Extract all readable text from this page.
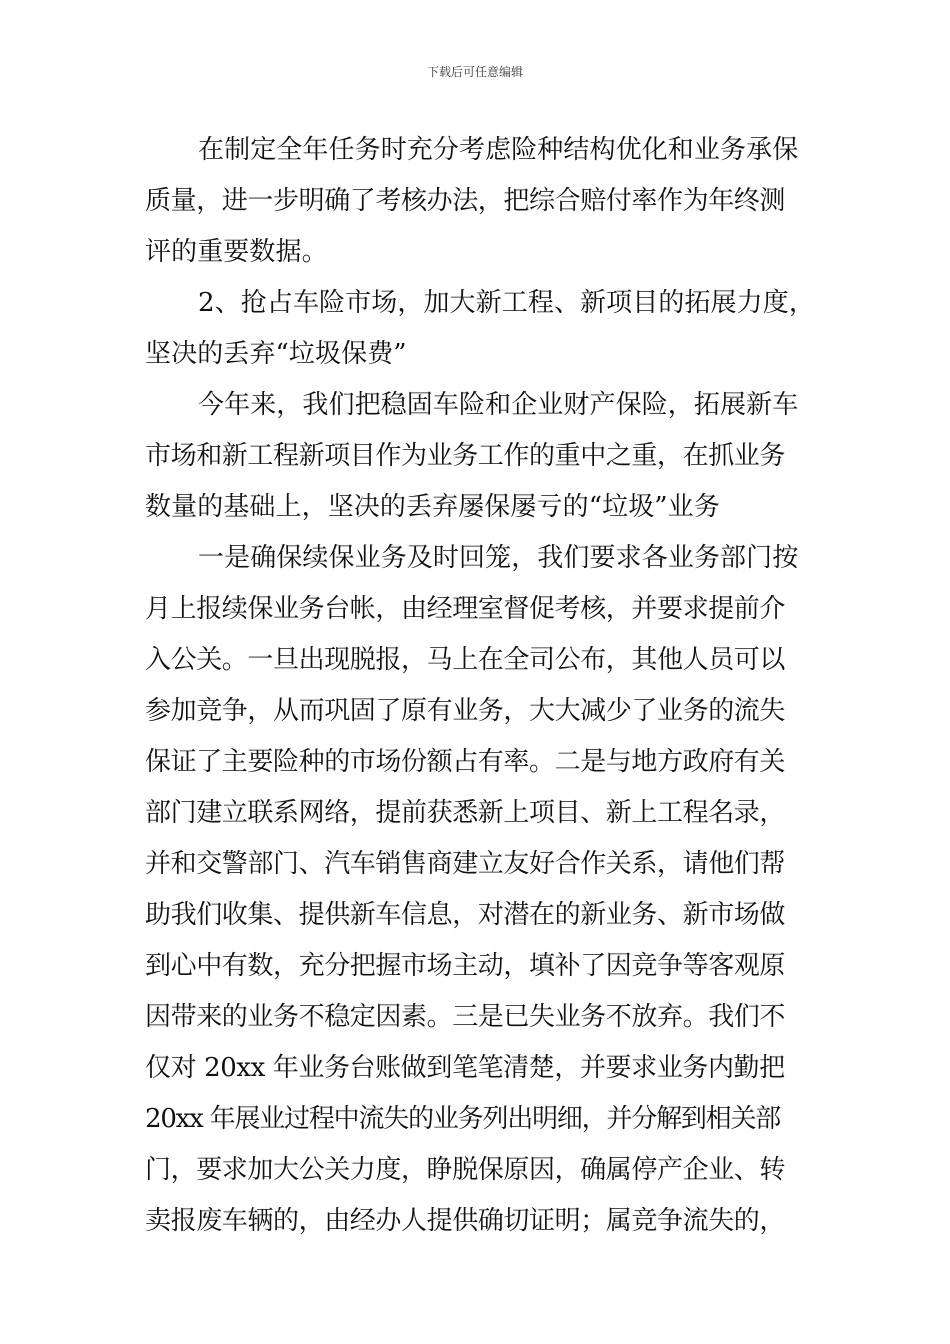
下载后可任意编辑
在制定全年任务时充分考虑险种结构优化和业务承保
质量，进一步明确了考核办法，把综合赔付率作为年终测
评的重要数据。
2、抢占车险市场，加大新工程、新项目的拓展力度，
坚决的丢弃“垃圾保费”
今年来，我们把稳固车险和企业财产保险，拓展新车
市场和新工程新项目作为业务工作的重中之重，在抓业务
数量的基础上，坚决的丢弃屡保屡亏的“垃圾”业务
一是确保续保业务及时回笼，我们要求各业务部门按
月上报续保业务台帐，由经理室督促考核，并要求提前介
入公关。一旦出现脱报，马上在全司公布，其他人员可以
参加竞争，从而巩固了原有业务，大大减少了业务的流失
保证了主要险种的市场份额占有率。二是与地方政府有关
部门建立联系网络，提前获悉新上项目、新上工程名录，
并和交警部门、汽车销售商建立友好合作关系，请他们帮
助我们收集、提供新车信息，对潜在的新业务、新市场做
到心中有数，充分把握市场主动，填补了因竞争等客观原
因带来的业务不稳定因素。三是已失业务不放弃。我们不
仅对 20xx 年业务台账做到笔笔清楚，并要求业务内勤把
20xx 年展业过程中流失的业务列出明细，并分解到相关部
门，要求加大公关力度，睁脱保原因，确属停产企业、转
卖报废车辆的，由经办人提供确切证明；属竞争流失的，
